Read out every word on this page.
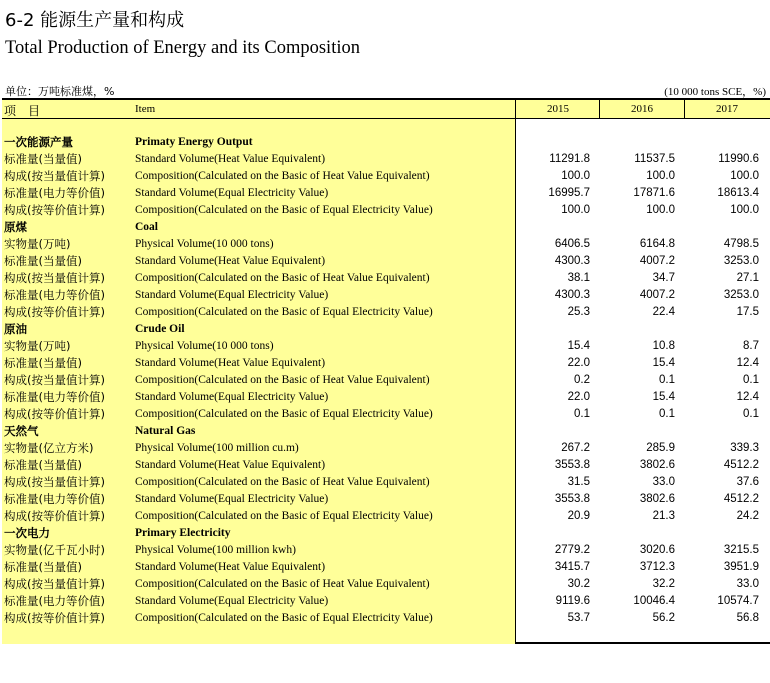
6-2 能源生产量和构成
Total Production of Energy and its Composition
单位：万吨标准煤，%	(10 000 tons SCE，%)
项　目	Item	2015	2016	2017
一次能源产量	Primaty Energy Output
标准量(当量值)	Standard Volume(Heat Value Equivalent)	11291.8	11537.5	11990.6
构成(按当量值计算)	Composition(Calculated on the Basic of Heat Value Equivalent)	100.0	100.0	100.0
标准量(电力等价值)	Standard Volume(Equal Electricity Value)	16995.7	17871.6	18613.4
构成(按等价值计算)	Composition(Calculated on the Basic of Equal Electricity Value)	100.0	100.0	100.0
原煤	Coal
实物量(万吨)	Physical Volume(10 000 tons)	6406.5	6164.8	4798.5
标准量(当量值)	Standard Volume(Heat Value Equivalent)	4300.3	4007.2	3253.0
构成(按当量值计算)	Composition(Calculated on the Basic of Heat Value Equivalent)	38.1	34.7	27.1
标准量(电力等价值)	Standard Volume(Equal Electricity Value)	4300.3	4007.2	3253.0
构成(按等价值计算)	Composition(Calculated on the Basic of Equal Electricity Value)	25.3	22.4	17.5
原油	Crude Oil
实物量(万吨)	Physical Volume(10 000 tons)	15.4	10.8	8.7
标准量(当量值)	Standard Volume(Heat Value Equivalent)	22.0	15.4	12.4
构成(按当量值计算)	Composition(Calculated on the Basic of Heat Value Equivalent)	0.2	0.1	0.1
标准量(电力等价值)	Standard Volume(Equal Electricity Value)	22.0	15.4	12.4
构成(按等价值计算)	Composition(Calculated on the Basic of Equal Electricity Value)	0.1	0.1	0.1
天然气	Natural Gas
实物量(亿立方米)	Physical Volume(100 million cu.m)	267.2	285.9	339.3
标准量(当量值)	Standard Volume(Heat Value Equivalent)	3553.8	3802.6	4512.2
构成(按当量值计算)	Composition(Calculated on the Basic of Heat Value Equivalent)	31.5	33.0	37.6
标准量(电力等价值)	Standard Volume(Equal Electricity Value)	3553.8	3802.6	4512.2
构成(按等价值计算)	Composition(Calculated on the Basic of Equal Electricity Value)	20.9	21.3	24.2
一次电力	Primary Electricity
实物量(亿千瓦小时)	Physical Volume(100 million kwh)	2779.2	3020.6	3215.5
标准量(当量值)	Standard Volume(Heat Value Equivalent)	3415.7	3712.3	3951.9
构成(按当量值计算)	Composition(Calculated on the Basic of Heat Value Equivalent)	30.2	32.2	33.0
标准量(电力等价值)	Standard Volume(Equal Electricity Value)	9119.6	10046.4	10574.7
构成(按等价值计算)	Composition(Calculated on the Basic of Equal Electricity Value)	53.7	56.2	56.8
